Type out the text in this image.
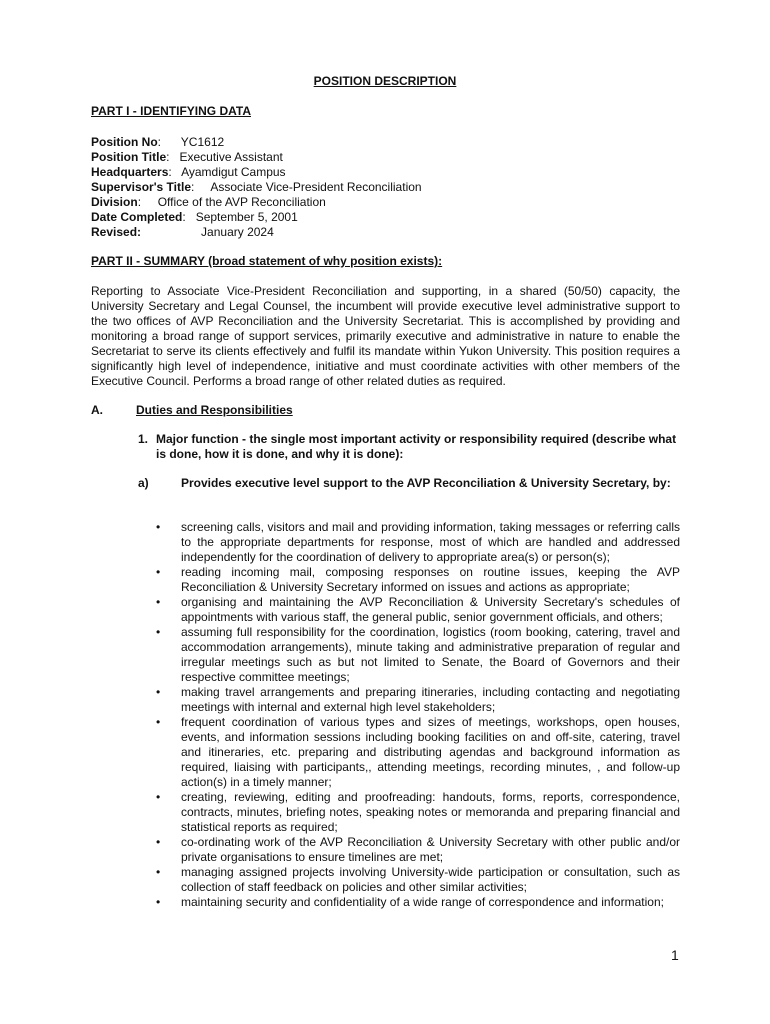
POSITION DESCRIPTION
PART I - IDENTIFYING DATA
Position No:      YC1612
Position Title:   Executive Assistant
Headquarters:   Ayamdigut Campus
Supervisor's Title:     Associate Vice-President Reconciliation
Division:     Office of the AVP Reconciliation
Date Completed:   September 5, 2001
Revised:	January 2024
PART II - SUMMARY (broad statement of why position exists):

Reporting to Associate Vice-President Reconciliation and supporting, in a shared (50/50) capacity, the University Secretary and Legal Counsel, the incumbent will provide executive level administrative support to the two offices of AVP Reconciliation and the University Secretariat. This is accomplished by providing and monitoring a broad range of support services, primarily executive and administrative in nature to enable the Secretariat to serve its clients effectively and fulfil its mandate within Yukon University. This position requires a significantly high level of independence, initiative and must coordinate activities with other members of the Executive Council. Performs a broad range of other related duties as required.

A.	Duties and Responsibilities
1. Major function - the single most important activity or responsibility required (describe what is done, how it is done, and why it is done):

a)	Provides executive level support to the AVP Reconciliation & University Secretary, by:

• screening calls, visitors and mail and providing information, taking messages or referring calls to the appropriate departments for response, most of which are handled and addressed independently for the coordination of delivery to appropriate area(s) or person(s);
• reading incoming mail, composing responses on routine issues, keeping the AVP Reconciliation & University Secretary informed on issues and actions as appropriate;
• organising and maintaining the AVP Reconciliation & University Secretary's schedules of appointments with various staff, the general public, senior government officials, and others;
• assuming full responsibility for the coordination, logistics (room booking, catering, travel and accommodation arrangements), minute taking and administrative preparation of regular and irregular meetings such as but not limited to Senate, the Board of Governors and their respective committee meetings;
• making travel arrangements and preparing itineraries, including contacting and negotiating meetings with internal and external high level stakeholders;
• frequent coordination of various types and sizes of meetings, workshops, open houses, events, and information sessions including booking facilities on and off-site, catering, travel and itineraries, etc. preparing and distributing agendas and background information as required, liaising with participants,, attending meetings, recording minutes, , and follow-up action(s) in a timely manner;
• creating, reviewing, editing and proofreading: handouts, forms, reports, correspondence, contracts, minutes, briefing notes, speaking notes or memoranda and preparing financial and statistical reports as required;
• co-ordinating work of the AVP Reconciliation & University Secretary with other public and/or private organisations to ensure timelines are met;
• managing assigned projects involving University-wide participation or consultation, such as collection of staff feedback on policies and other similar activities;
• maintaining security and confidentiality of a wide range of correspondence and information;
1
